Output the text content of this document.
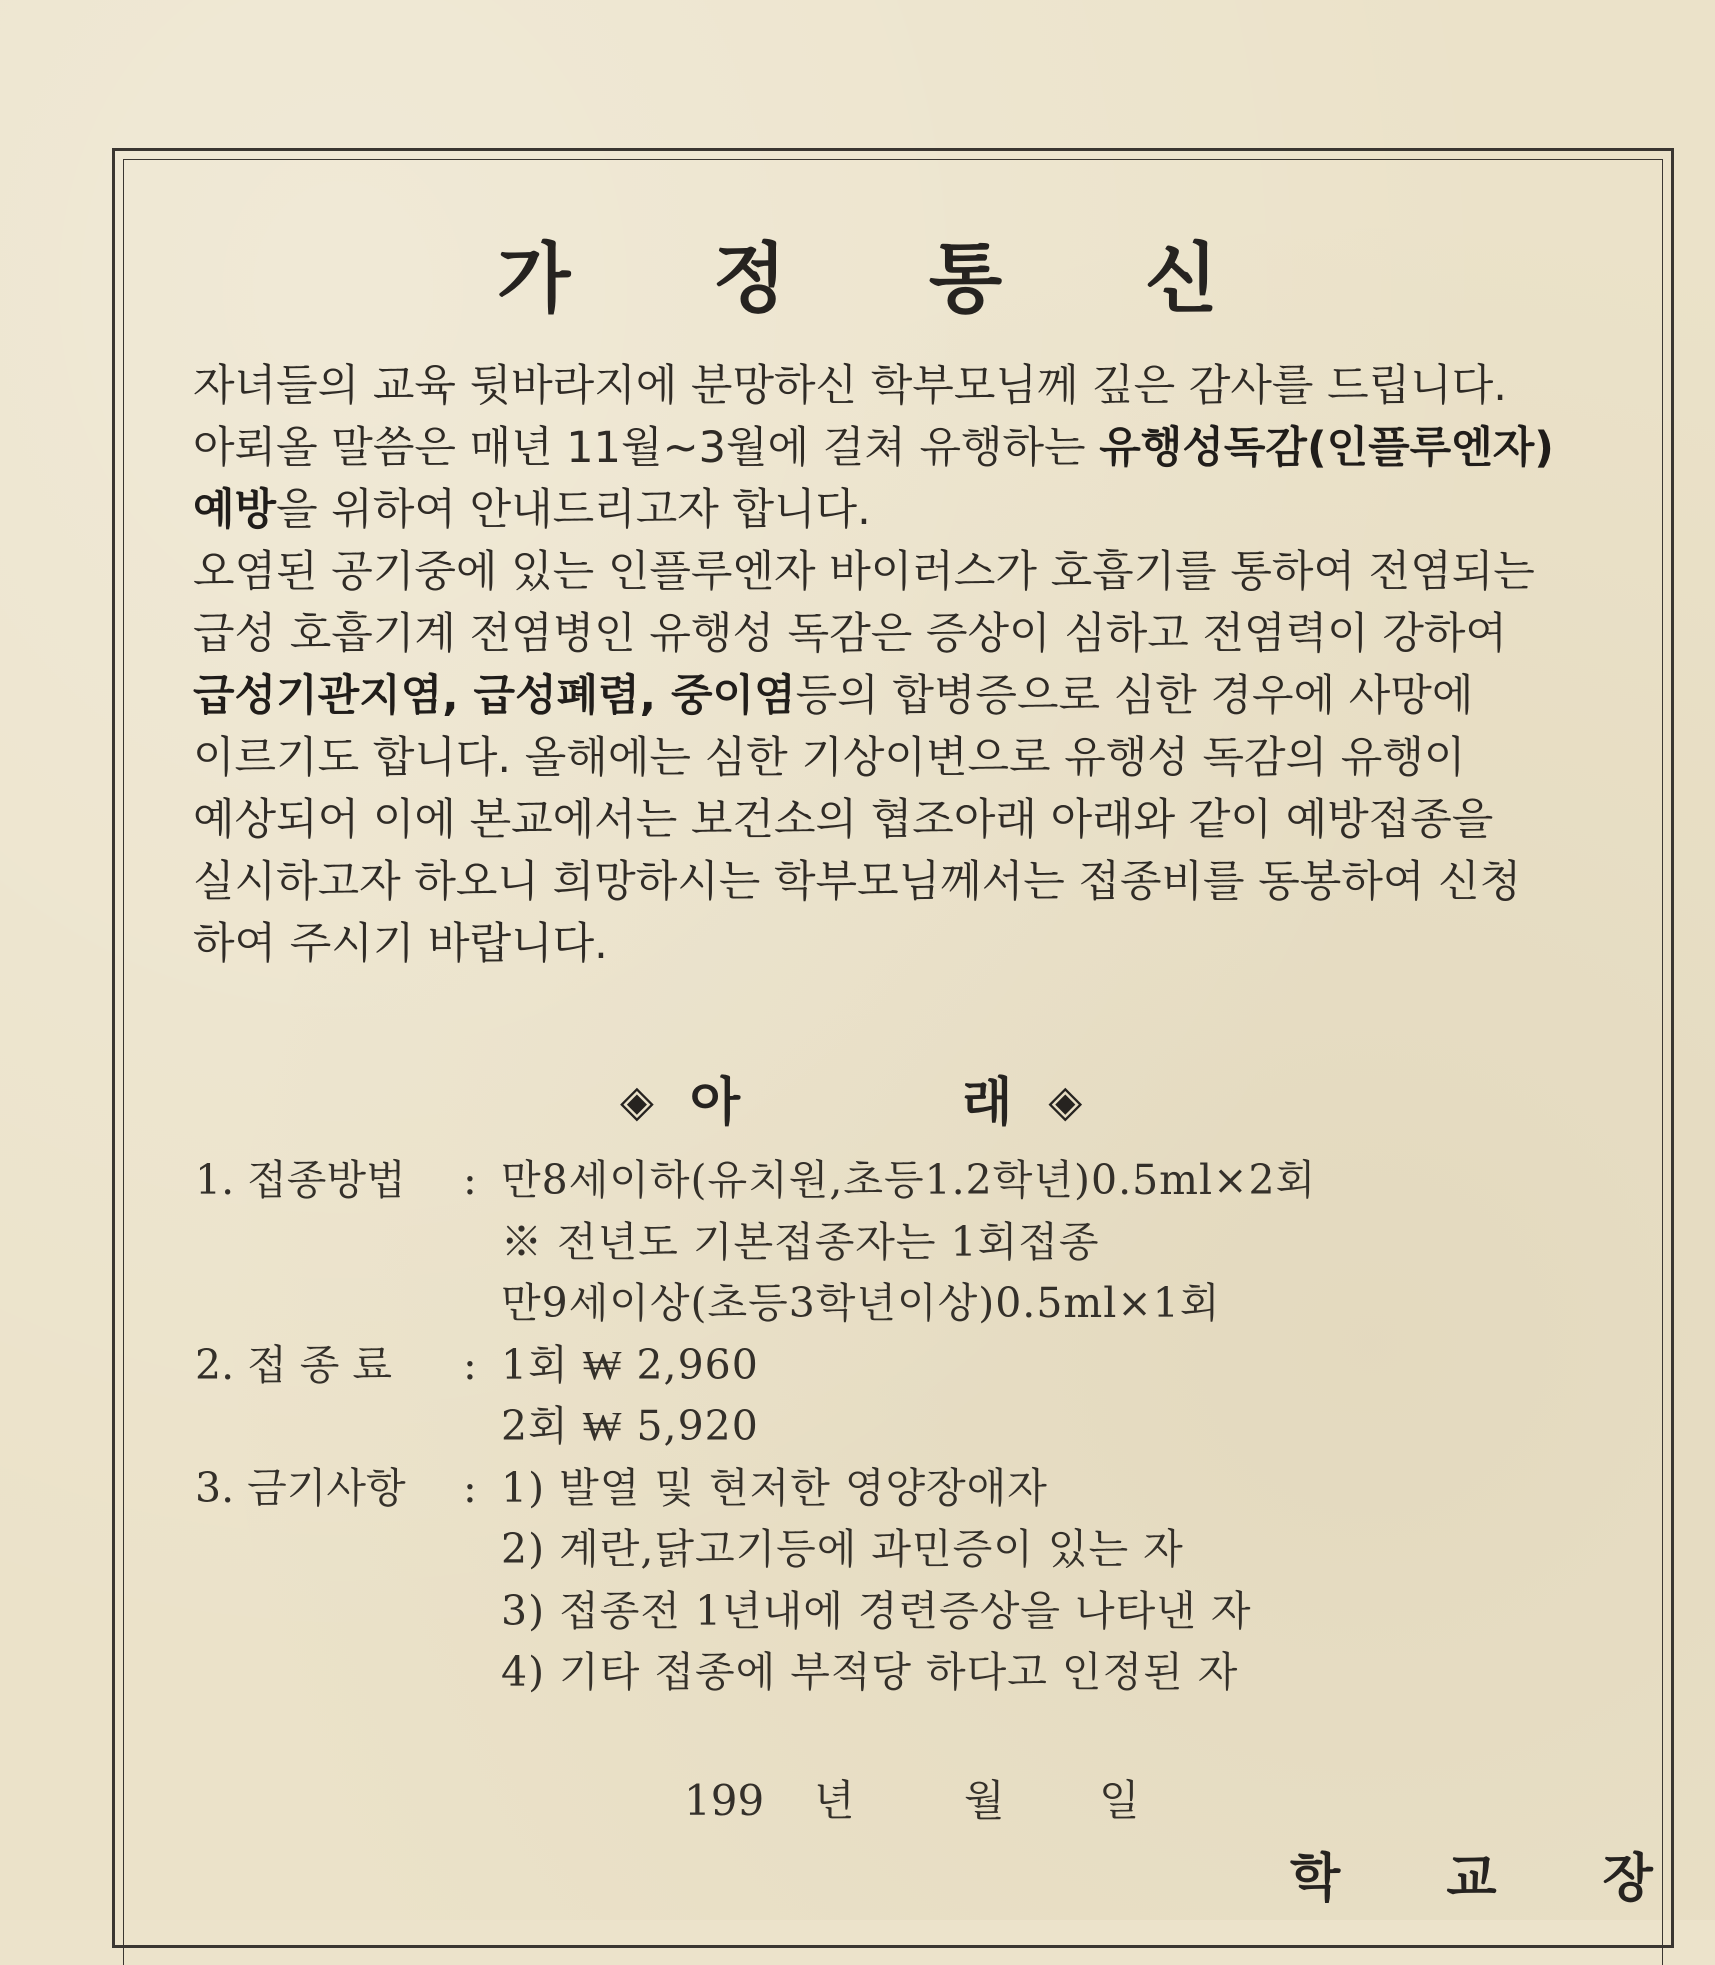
가 정 통 신
자녀들의 교육 뒷바라지에 분망하신 학부모님께 깊은 감사를 드립니다.
아뢰올 말씀은 매년 11월~3월에 걸쳐 유행하는 유행성독감(인플루엔자)
예방을 위하여 안내드리고자 합니다.
오염된 공기중에 있는 인플루엔자 바이러스가 호흡기를 통하여 전염되는
급성 호흡기계 전염병인 유행성 독감은 증상이 심하고 전염력이 강하여
급성기관지염, 급성폐렴, 중이염등의 합병증으로 심한 경우에 사망에
이르기도 합니다. 올해에는 심한 기상이변으로 유행성 독감의 유행이
예상되어 이에 본교에서는 보건소의 협조아래 아래와 같이 예방접종을
실시하고자 하오니 희망하시는 학부모님께서는 접종비를 동봉하여 신청
하여 주시기 바랍니다.
◈ 아	래 ◈
1. 접종방법	: 만8세이하(유치원,초등1.2학년)0.5ml×2회
※ 전년도 기본접종자는 1회접종
만9세이상(초등3학년이상)0.5ml×1회
2. 접 종 료	: 1회 ₩ 2,960
2회 ₩ 5,920
3. 금기사항	: 1) 발열 및 현저한 영양장애자
2) 계란,닭고기등에 과민증이 있는 자
3) 접종전 1년내에 경련증상을 나타낸 자
4) 기타 접종에 부적당 하다고 인정된 자
199 년	월 일
학 교 장
